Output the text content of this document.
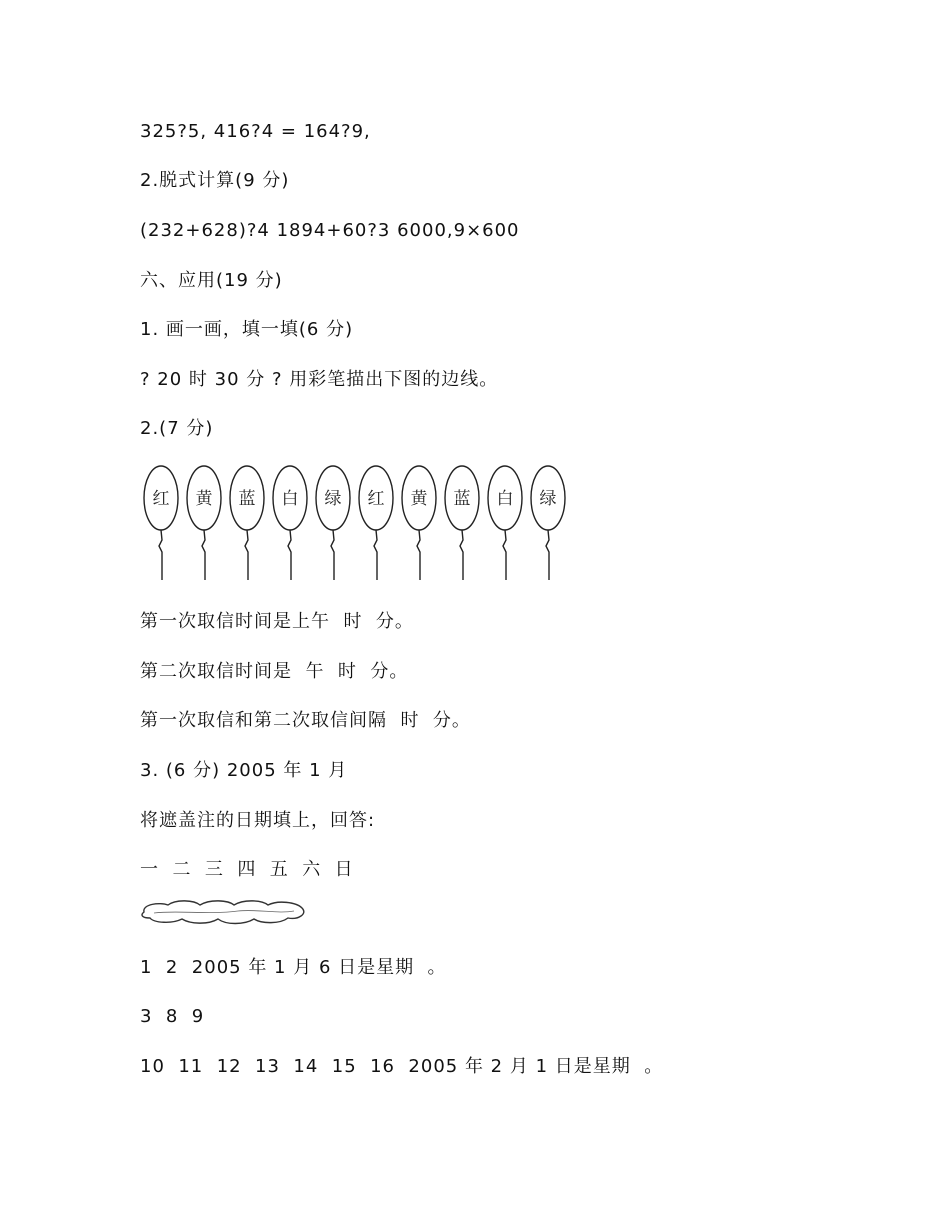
325?5, 416?4 = 164?9,
2.脱式计算(9 分)
(232+628)?4 1894+60?3 6000,9×600
六、应用(19 分)
1. 画一画，填一填(6 分)
? 20 时 30 分 ? 用彩笔描出下图的边线。
2.(7 分)
红 黄 蓝 白 绿 红 黄 蓝 白 绿
第一次取信时间是上午  时  分。
第二次取信时间是  午  时  分。
第一次取信和第二次取信间隔  时  分。
3. (6 分) 2005 年 1 月
将遮盖注的日期填上，回答:
一  二  三  四  五  六  日
1  2  2005 年 1 月 6 日是星期  。
3  8  9
10  11  12  13  14  15  16  2005 年 2 月 1 日是星期  。
